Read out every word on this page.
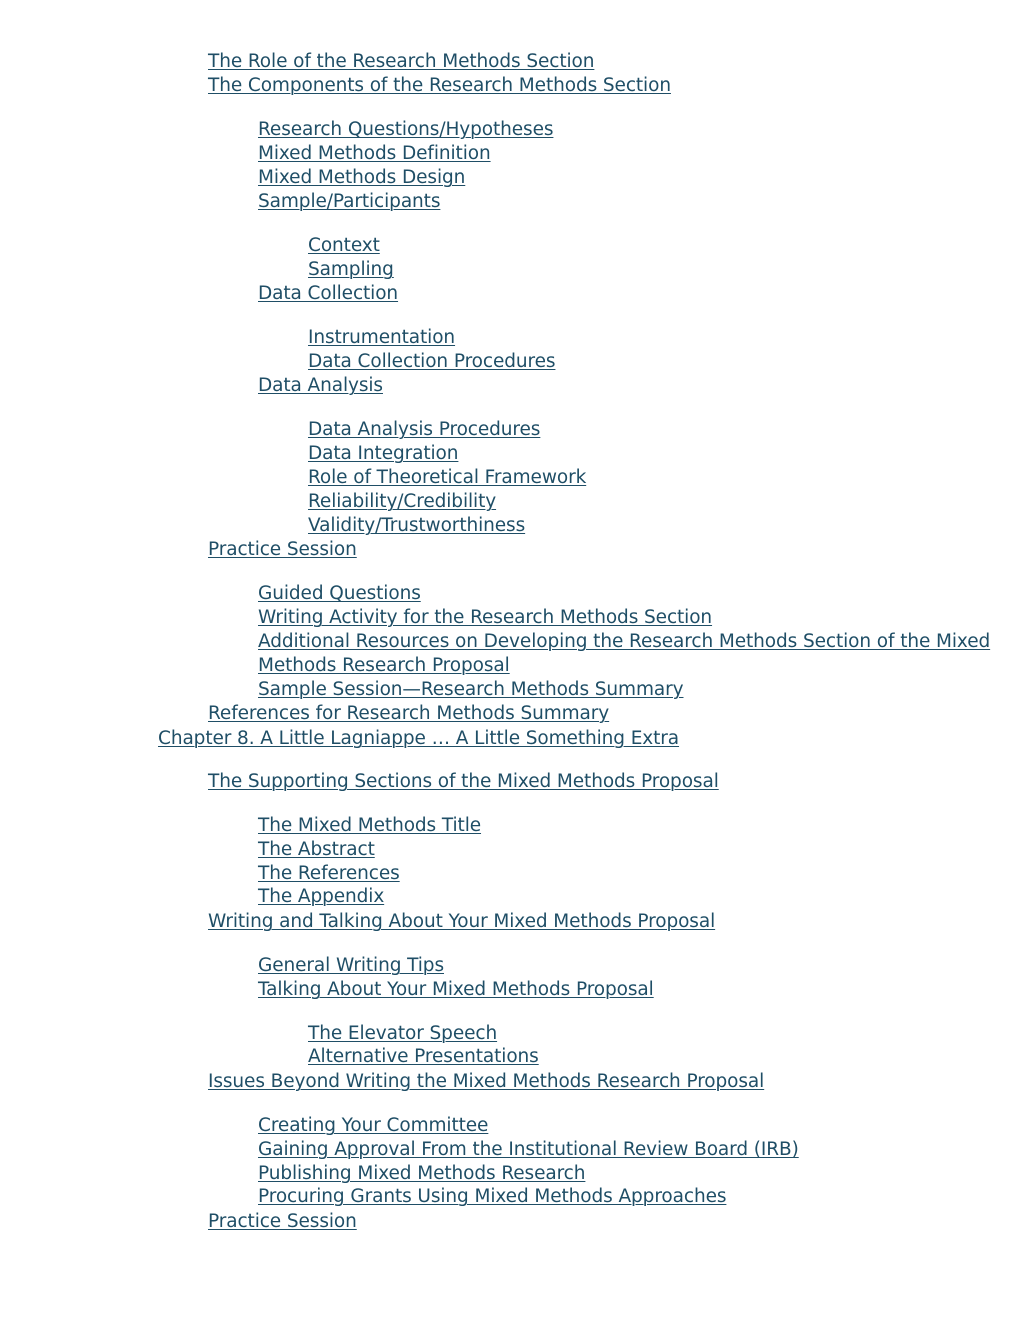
The Role of the Research Methods Section
The Components of the Research Methods Section
Research Questions/Hypotheses
Mixed Methods Definition
Mixed Methods Design
Sample/Participants
Context
Sampling
Data Collection
Instrumentation
Data Collection Procedures
Data Analysis
Data Analysis Procedures
Data Integration
Role of Theoretical Framework
Reliability/Credibility
Validity/Trustworthiness
Practice Session
Guided Questions
Writing Activity for the Research Methods Section
Additional Resources on Developing the Research Methods Section of the Mixed
Methods Research Proposal
Sample Session—Research Methods Summary
References for Research Methods Summary
Chapter 8. A Little Lagniappe … A Little Something Extra
The Supporting Sections of the Mixed Methods Proposal
The Mixed Methods Title
The Abstract
The References
The Appendix
Writing and Talking About Your Mixed Methods Proposal
General Writing Tips
Talking About Your Mixed Methods Proposal
The Elevator Speech
Alternative Presentations
Issues Beyond Writing the Mixed Methods Research Proposal
Creating Your Committee
Gaining Approval From the Institutional Review Board (IRB)
Publishing Mixed Methods Research
Procuring Grants Using Mixed Methods Approaches
Practice Session
